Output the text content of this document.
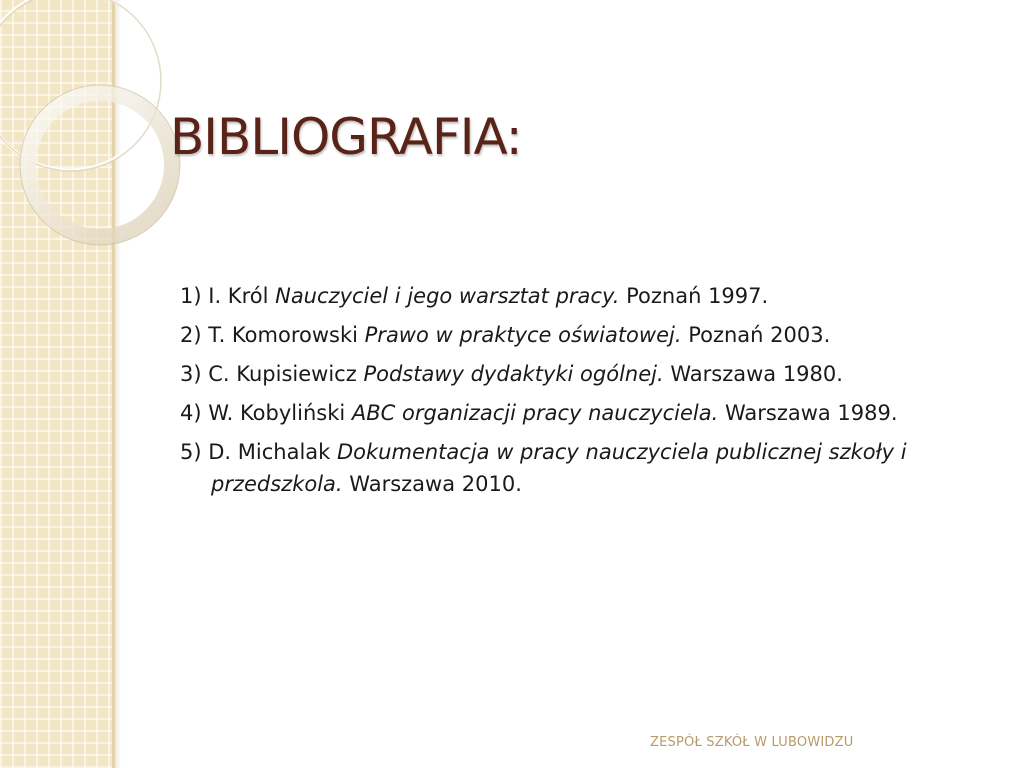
BIBLIOGRAFIA:
1) I. Król Nauczyciel i jego warsztat pracy. Poznań 1997.
2) T. Komorowski Prawo w praktyce oświatowej. Poznań 2003.
3) C. Kupisiewicz Podstawy dydaktyki ogólnej. Warszawa 1980.
4) W. Kobyliński ABC organizacji pracy nauczyciela. Warszawa 1989.
5) D. Michalak Dokumentacja w pracy nauczyciela publicznej szkoły i przedszkola. Warszawa 2010.
ZESPÓŁ SZKÓŁ W LUBOWIDZU
